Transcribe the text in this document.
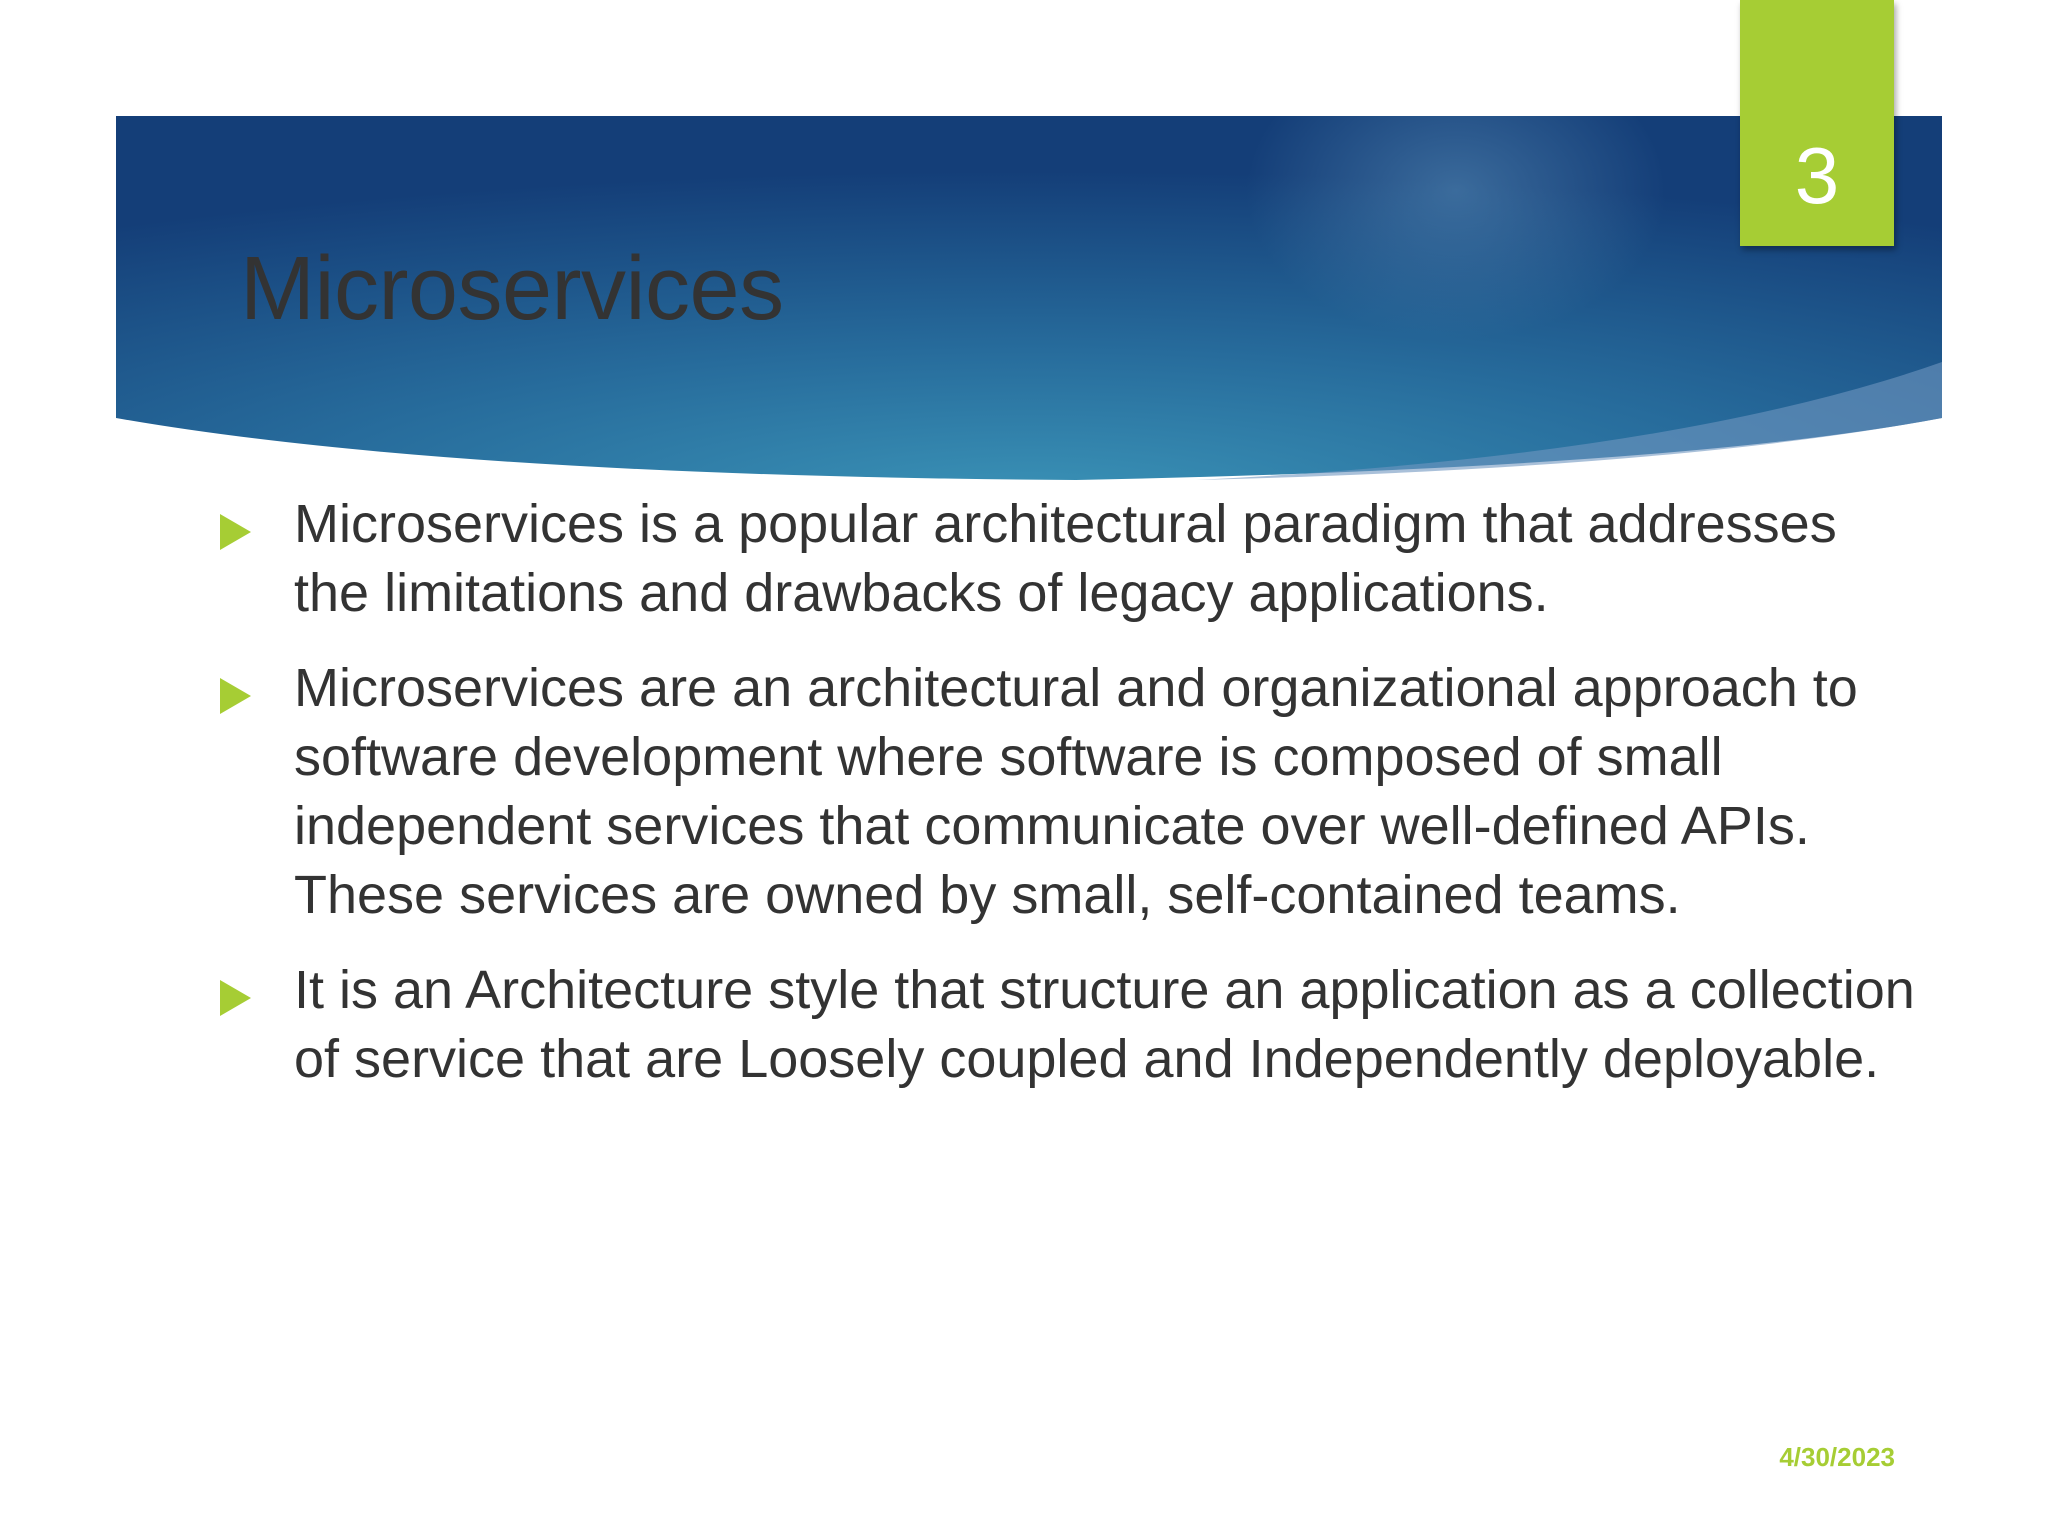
Microservices
3
Microservices is a popular architectural paradigm that addresses the limitations and drawbacks of legacy applications.
Microservices are an architectural and organizational approach to software development where software is composed of small independent services that communicate over well-defined APIs. These services are owned by small, self-contained teams.
It is an Architecture style that structure an application as a collection of service that are Loosely coupled and Independently deployable.
4/30/2023
